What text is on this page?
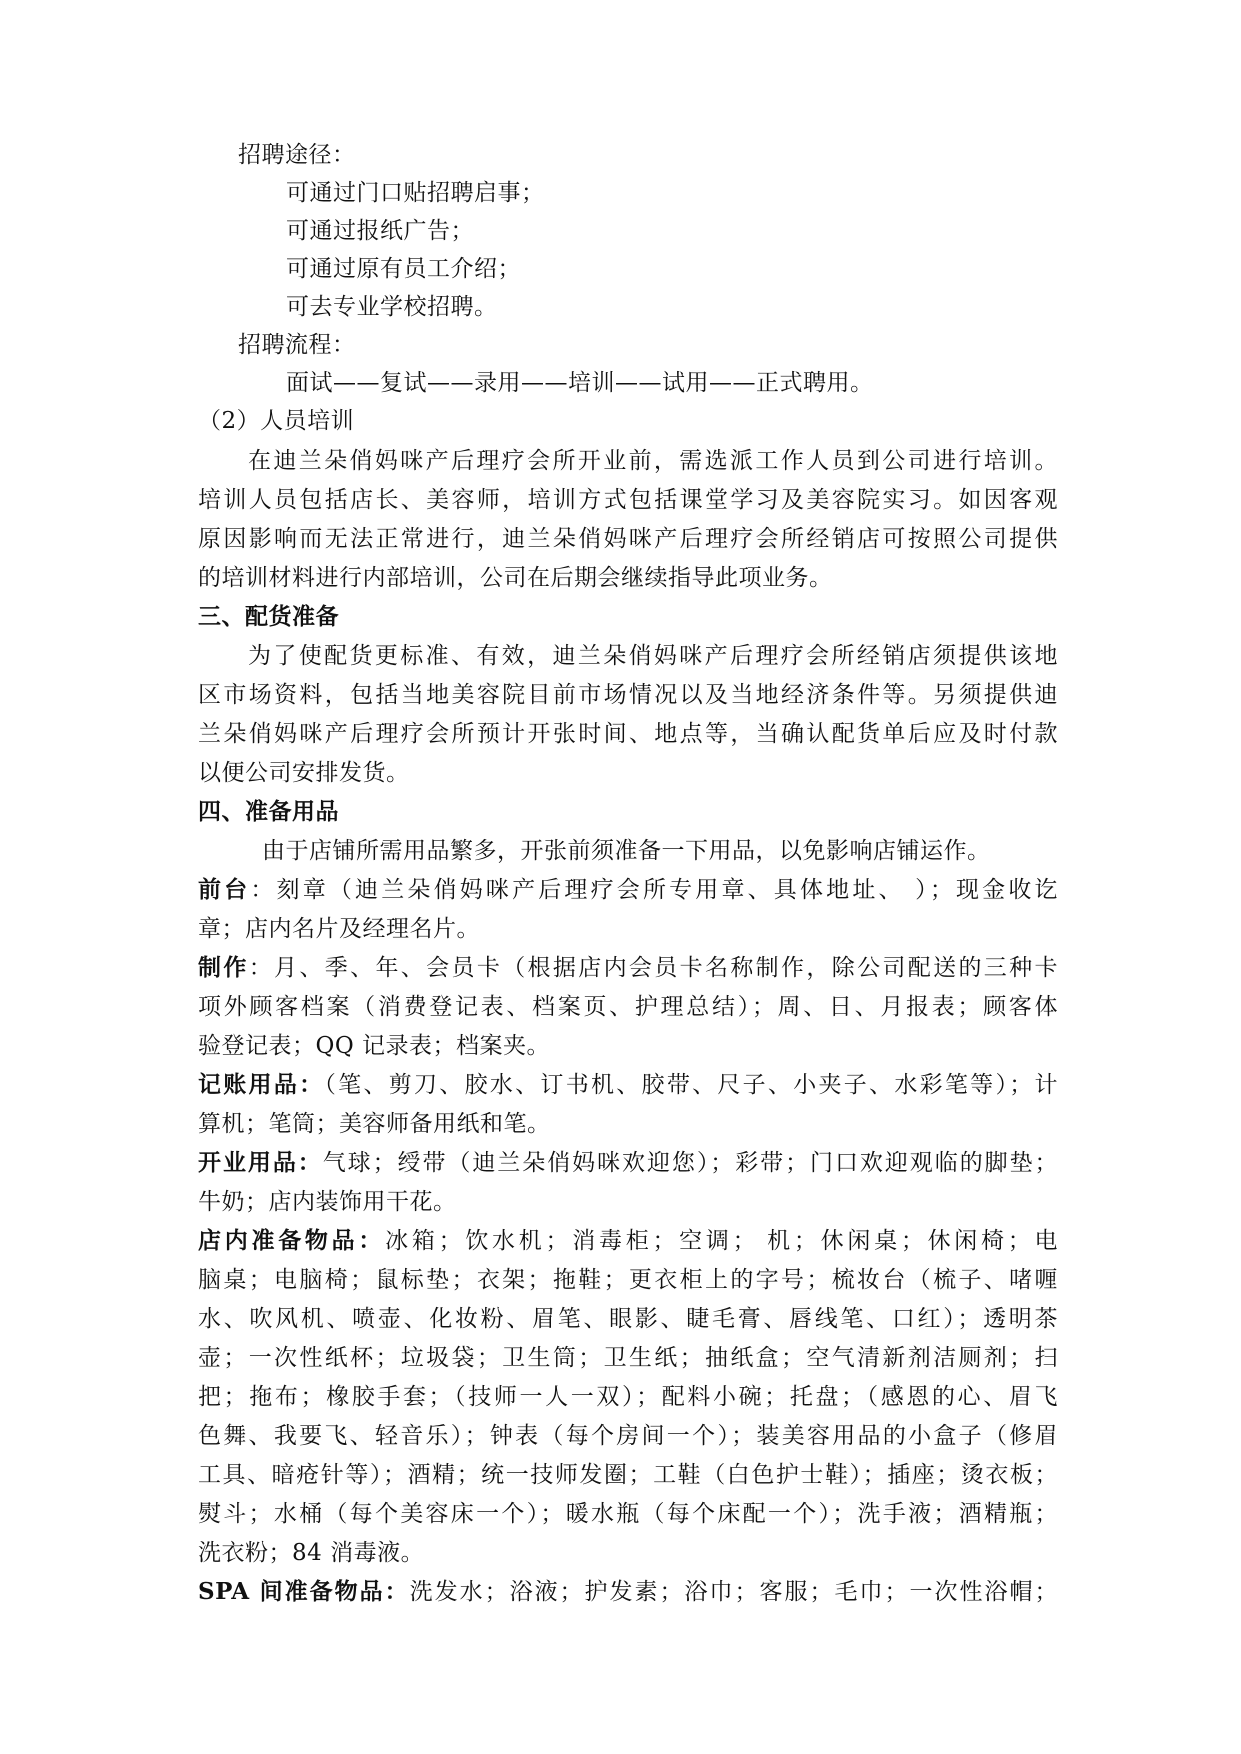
招聘途径：
可通过门口贴招聘启事；
可通过报纸广告；
可通过原有员工介绍；
可去专业学校招聘。
招聘流程：
面试——复试——录用——培训——试用——正式聘用。
（2）人员培训
在迪兰朵俏妈咪产后理疗会所开业前，需选派工作人员到公司进行培训。
培训人员包括店长、美容师，培训方式包括课堂学习及美容院实习。如因客观
原因影响而无法正常进行，迪兰朵俏妈咪产后理疗会所经销店可按照公司提供
的培训材料进行内部培训，公司在后期会继续指导此项业务。
三、配货准备
为了使配货更标准、有效，迪兰朵俏妈咪产后理疗会所经销店须提供该地
区市场资料，包括当地美容院目前市场情况以及当地经济条件等。另须提供迪
兰朵俏妈咪产后理疗会所预计开张时间、地点等，当确认配货单后应及时付款
以便公司安排发货。
四、准备用品
由于店铺所需用品繁多，开张前须准备一下用品，以免影响店铺运作。
前台：刻章（迪兰朵俏妈咪产后理疗会所专用章、具体地址、 ）；现金收讫
章；店内名片及经理名片。
制作：月、季、年、会员卡（根据店内会员卡名称制作，除公司配送的三种卡
项外顾客档案（消费登记表、档案页、护理总结）；周、日、月报表；顾客体
验登记表；QQ 记录表；档案夹。
记账用品：（笔、剪刀、胶水、订书机、胶带、尺子、小夹子、水彩笔等）；计
算机；笔筒；美容师备用纸和笔。
开业用品：气球；绶带（迪兰朵俏妈咪欢迎您）；彩带；门口欢迎观临的脚垫；
牛奶；店内装饰用干花。
店内准备物品：冰箱；饮水机；消毒柜；空调； 机；休闲桌；休闲椅；电
脑桌；电脑椅；鼠标垫；衣架；拖鞋；更衣柜上的字号；梳妆台（梳子、啫喱
水、吹风机、喷壶、化妆粉、眉笔、眼影、睫毛膏、唇线笔、口红）；透明茶
壶；一次性纸杯；垃圾袋；卫生筒；卫生纸；抽纸盒；空气清新剂洁厕剂；扫
把；拖布；橡胶手套；（技师一人一双）；配料小碗；托盘；（感恩的心、眉飞
色舞、我要飞、轻音乐）；钟表（每个房间一个）；装美容用品的小盒子（修眉
工具、暗疮针等）；酒精；统一技师发圈；工鞋（白色护士鞋）；插座；烫衣板；
熨斗；水桶（每个美容床一个）；暖水瓶（每个床配一个）；洗手液；酒精瓶；
洗衣粉；84 消毒液。
SPA 间准备物品：洗发水；浴液；护发素；浴巾；客服；毛巾；一次性浴帽；
